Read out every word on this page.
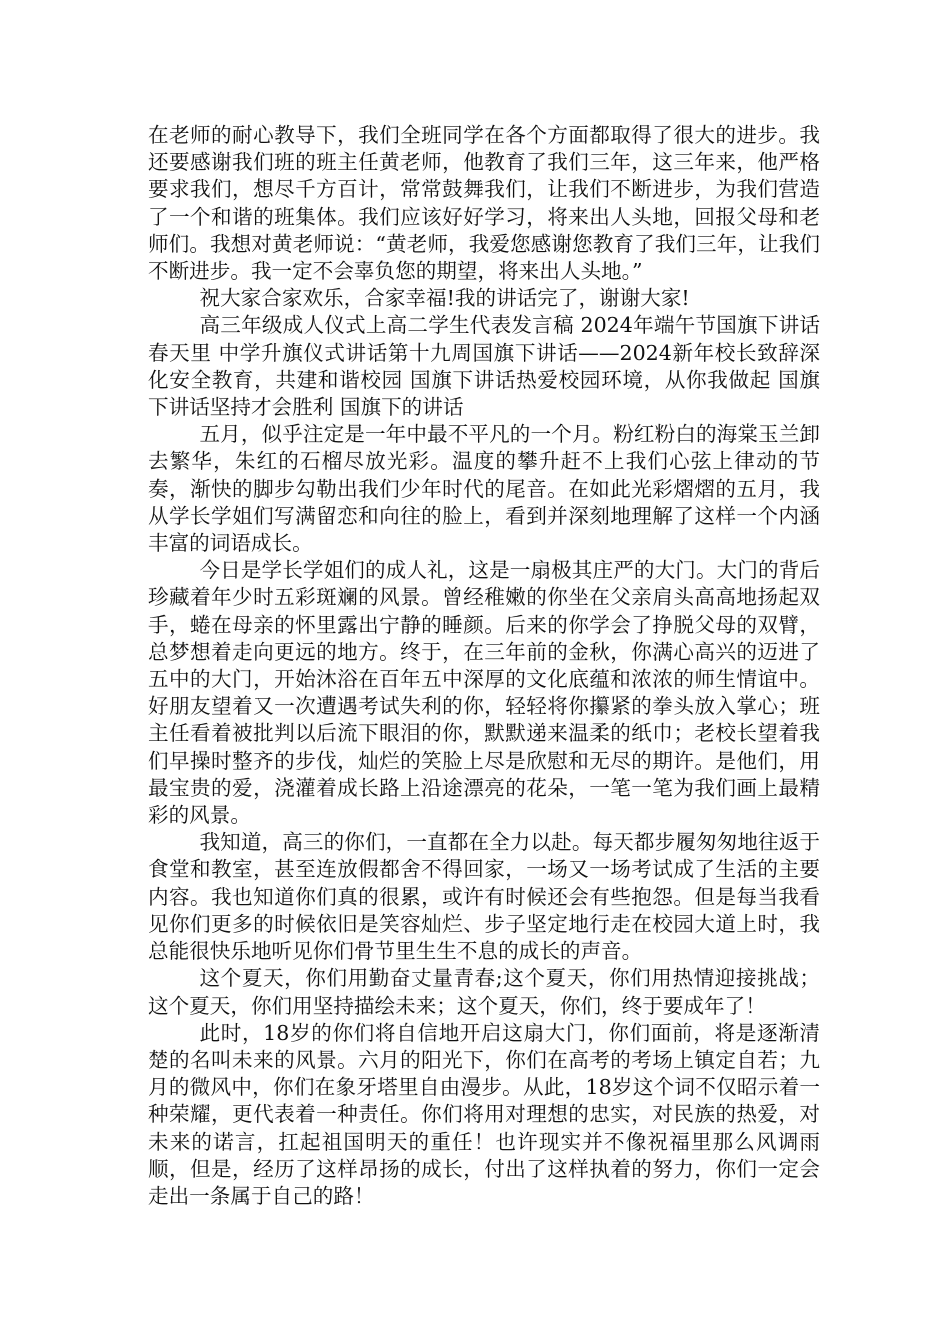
在老师的耐心教导下，我们全班同学在各个方面都取得了很大的进步。我还要感谢我们班的班主任黄老师，他教育了我们三年，这三年来，他严格要求我们，想尽千方百计，常常鼓舞我们，让我们不断进步，为我们营造了一个和谐的班集体。我们应该好好学习，将来出人头地，回报父母和老师们。我想对黄老师说：“黄老师，我爱您感谢您教育了我们三年，让我们不断进步。我一定不会辜负您的期望，将来出人头地。”

祝大家合家欢乐，合家幸福!我的讲话完了，谢谢大家!

高三年级成人仪式上高二学生代表发言稿 2024年端午节国旗下讲话春天里 中学升旗仪式讲话第十九周国旗下讲话——2024新年校长致辞深化安全教育，共建和谐校园 国旗下讲话热爱校园环境，从你我做起 国旗下讲话坚持才会胜利 国旗下的讲话

五月，似乎注定是一年中最不平凡的一个月。粉红粉白的海棠玉兰卸去繁华，朱红的石榴尽放光彩。温度的攀升赶不上我们心弦上律动的节奏，渐快的脚步勾勒出我们少年时代的尾音。在如此光彩熠熠的五月，我从学长学姐们写满留恋和向往的脸上，看到并深刻地理解了这样一个内涵丰富的词语成长。

今日是学长学姐们的成人礼，这是一扇极其庄严的大门。大门的背后珍藏着年少时五彩斑斓的风景。曾经稚嫩的你坐在父亲肩头高高地扬起双手，蜷在母亲的怀里露出宁静的睡颜。后来的你学会了挣脱父母的双臂，总梦想着走向更远的地方。终于，在三年前的金秋，你满心高兴的迈进了五中的大门，开始沐浴在百年五中深厚的文化底蕴和浓浓的师生情谊中。好朋友望着又一次遭遇考试失利的你，轻轻将你攥紧的拳头放入掌心；班主任看着被批判以后流下眼泪的你，默默递来温柔的纸巾；老校长望着我们早操时整齐的步伐，灿烂的笑脸上尽是欣慰和无尽的期许。是他们，用最宝贵的爱，浇灌着成长路上沿途漂亮的花朵，一笔一笔为我们画上最精彩的风景。

我知道，高三的你们，一直都在全力以赴。每天都步履匆匆地往返于食堂和教室，甚至连放假都舍不得回家，一场又一场考试成了生活的主要内容。我也知道你们真的很累，或许有时候还会有些抱怨。但是每当我看见你们更多的时候依旧是笑容灿烂、步子坚定地行走在校园大道上时，我总能很快乐地听见你们骨节里生生不息的成长的声音。

这个夏天，你们用勤奋丈量青春;这个夏天，你们用热情迎接挑战；这个夏天，你们用坚持描绘未来；这个夏天，你们，终于要成年了！

此时，18岁的你们将自信地开启这扇大门，你们面前，将是逐渐清楚的名叫未来的风景。六月的阳光下，你们在高考的考场上镇定自若；九月的微风中，你们在象牙塔里自由漫步。从此，18岁这个词不仅昭示着一种荣耀，更代表着一种责任。你们将用对理想的忠实，对民族的热爱，对未来的诺言，扛起祖国明天的重任！也许现实并不像祝福里那么风调雨顺，但是，经历了这样昂扬的成长，付出了这样执着的努力，你们一定会走出一条属于自己的路！
